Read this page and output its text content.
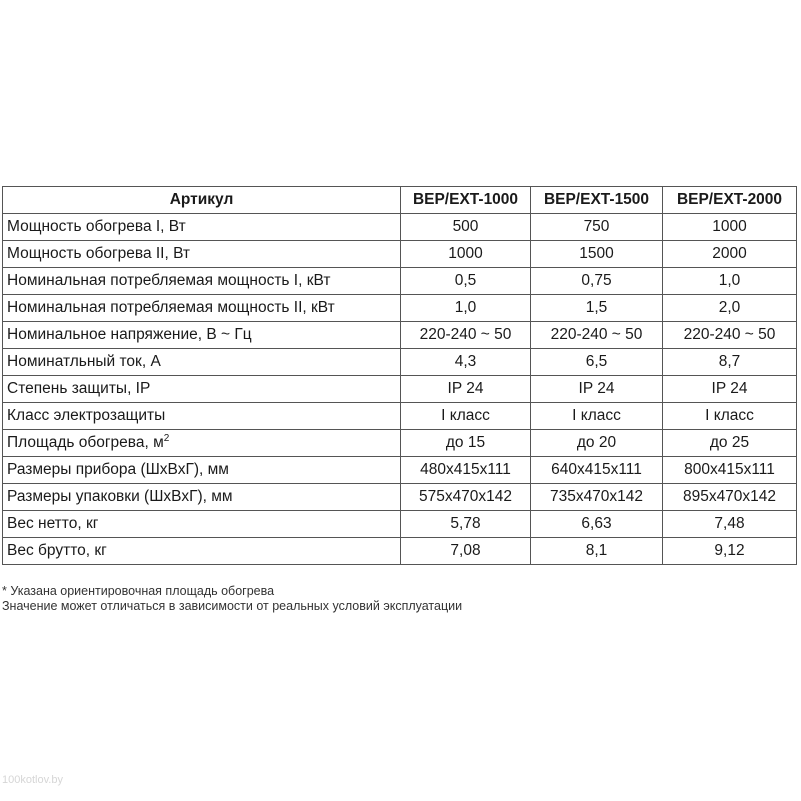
Артикул	BEP/EXT-1000	BEP/EXT-1500	BEP/EXT-2000
Мощность обогрева I, Вт	500	750	1000
Мощность обогрева II, Вт	1000	1500	2000
Номинальная потребляемая мощность I, кВт	0,5	0,75	1,0
Номинальная потребляемая мощность II, кВт	1,0	1,5	2,0
Номинальное напряжение, В ~ Гц	220-240 ~ 50	220-240 ~ 50	220-240 ~ 50
Номинатльный ток, А	4,3	6,5	8,7
Степень защиты, IP	IP 24	IP 24	IP 24
Класс электрозащиты	I класс	I класс	I класс
Площадь обогрева, $м^2$	до 15	до 20	до 25
Размеры прибора (ШхВхГ), мм	480x415x111	640x415x111	800x415x111
Размеры упаковки (ШхВхГ), мм	575x470x142	735x470x142	895x470x142
Вес нетто, кг	5,78	6,63	7,48
Вес брутто, кг	7,08	8,1	9,12
* Указана ориентировочная площадь обогрева
Значение может отличаться в зависимости от реальных условий эксплуатации
100kotlov.by
